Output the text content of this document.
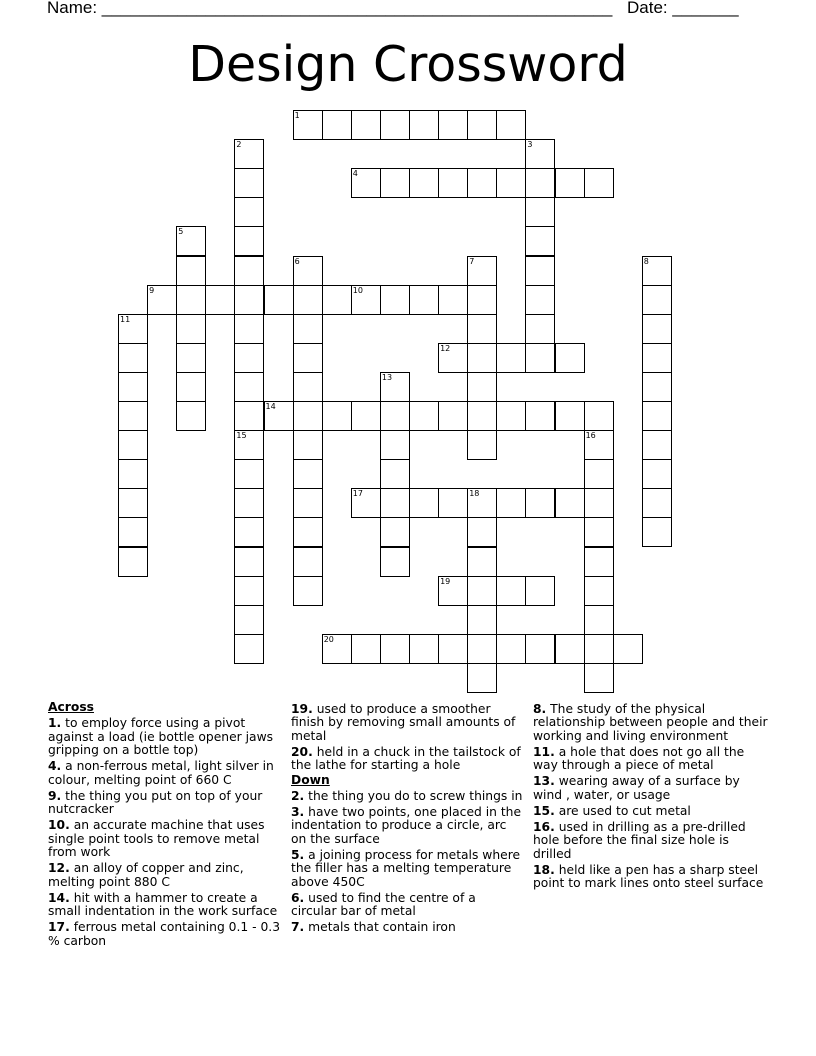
Name: ______________________________________________________ Date: _______
Design Crossword
1
4
9	10
12
14
17	18
19
20
2	3
5
6	7	8
11
13
15	16
Across
1. to employ force using a pivot against a load (ie bottle opener jaws gripping on a bottle top)
4. a non-ferrous metal, light silver in colour, melting point of 660 C
9. the thing you put on top of your nutcracker
10. an accurate machine that uses single point tools to remove metal from work
12. an alloy of copper and zinc, melting point 880 C
14. hit with a hammer to create a small indentation in the work surface
17. ferrous metal containing 0.1 - 0.3 % carbon
19. used to produce a smoother finish by removing small amounts of metal
20. held in a chuck in the tailstock of the lathe for starting a hole
Down
2. the thing you do to screw things in
3. have two points, one placed in the indentation to produce a circle, arc on the surface
5. a joining process for metals where the filler has a melting temperature above 450C
6. used to find the centre of a circular bar of metal
7. metals that contain iron
8. The study of the physical relationship between people and their working and living environment
11. a hole that does not go all the way through a piece of metal
13. wearing away of a surface by wind , water, or usage
15. are used to cut metal
16. used in drilling as a pre-drilled hole before the final size hole is drilled
18. held like a pen has a sharp steel point to mark lines onto steel surface
